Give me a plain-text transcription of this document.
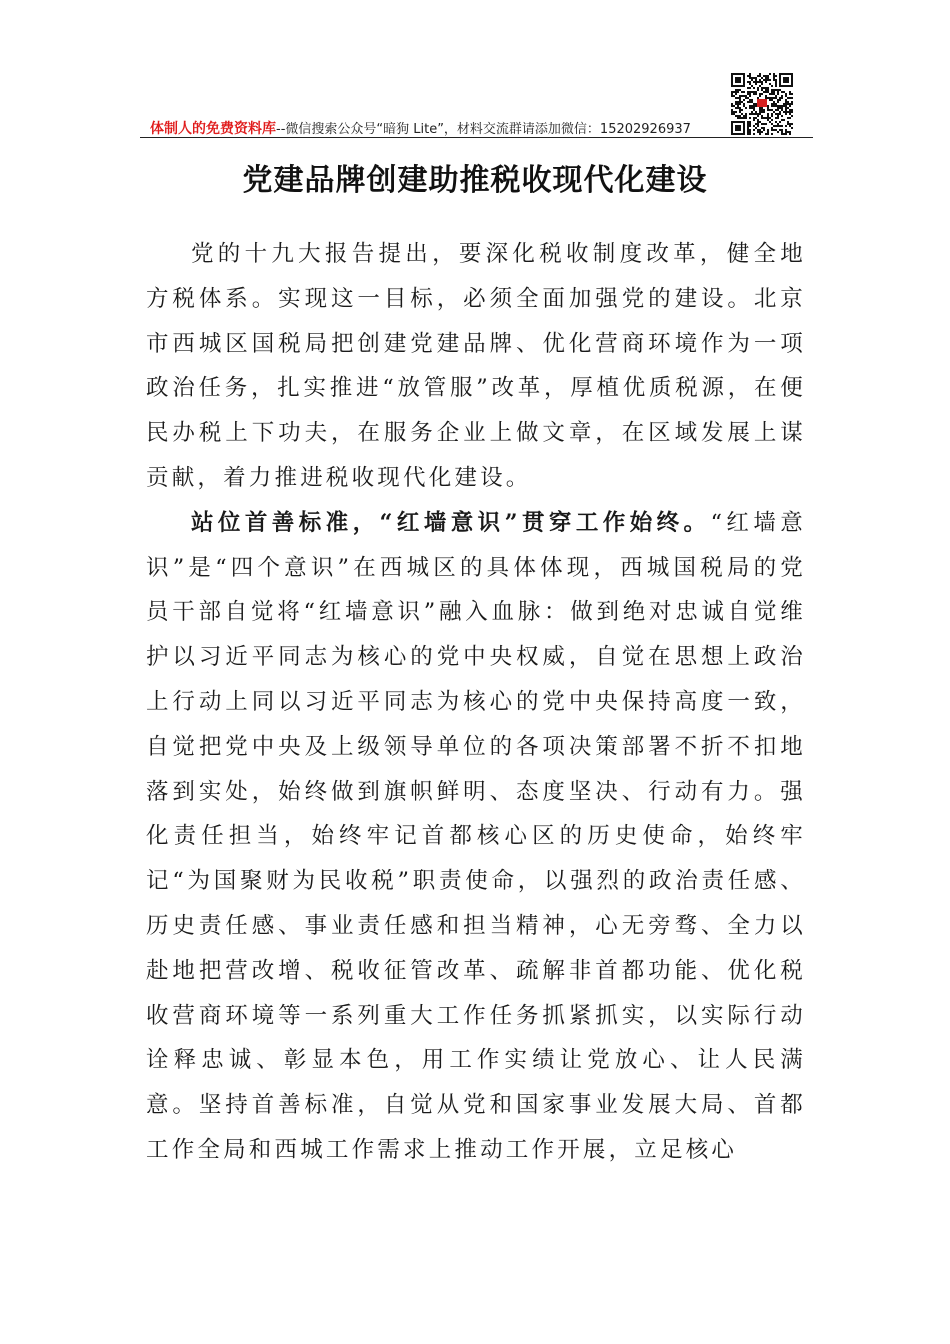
体制人的免费资料库--微信搜索公众号“暗狗 Lite”，材料交流群请添加微信：15202926937
党建品牌创建助推税收现代化建设

党的十九大报告提出，要深化税收制度改革，健全地方税体系。实现这一目标，必须全面加强党的建设。北京市西城区国税局把创建党建品牌、优化营商环境作为一项政治任务，扎实推进“放管服”改革，厚植优质税源，在便民办税上下功夫，在服务企业上做文章，在区域发展上谋贡献，着力推进税收现代化建设。

站位首善标准，“红墙意识”贯穿工作始终。“红墙意识”是“四个意识”在西城区的具体体现，西城国税局的党员干部自觉将“红墙意识”融入血脉：做到绝对忠诚自觉维护以习近平同志为核心的党中央权威，自觉在思想上政治上行动上同以习近平同志为核心的党中央保持高度一致，自觉把党中央及上级领导单位的各项决策部署不折不扣地落到实处，始终做到旗帜鲜明、态度坚决、行动有力。强化责任担当，始终牢记首都核心区的历史使命，始终牢记“为国聚财为民收税”职责使命，以强烈的政治责任感、历史责任感、事业责任感和担当精神，心无旁骛、全力以赴地把营改增、税收征管改革、疏解非首都功能、优化税收营商环境等一系列重大工作任务抓紧抓实，以实际行动诠释忠诚、彰显本色，用工作实绩让党放心、让人民满意。坚持首善标准，自觉从党和国家事业发展大局、首都工作全局和西城工作需求上推动工作开展，立足核心
